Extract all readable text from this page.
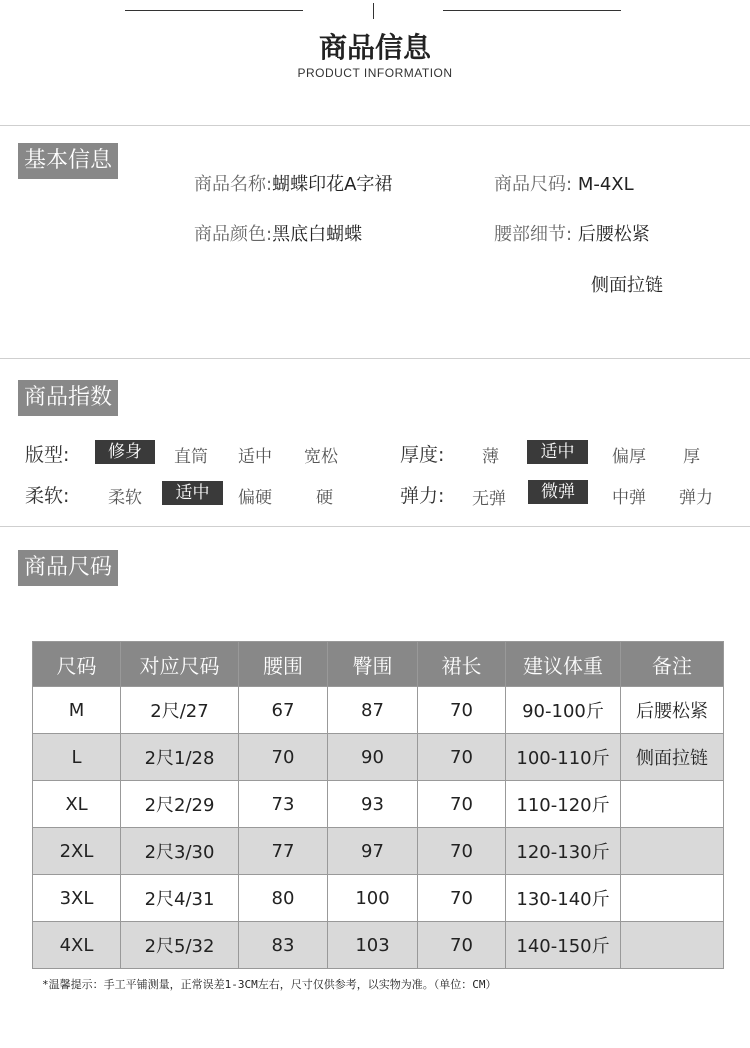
商品信息
PRODUCT INFORMATION
基本信息
商品名称:蝴蝶印花A字裙	商品尺码: M-4XL
商品颜色:黑底白蝴蝶	腰部细节: 后腰松紧
侧面拉链
商品指数
版型:	修身	直筒 适中 宽松	厚度: 薄	适中	偏厚 厚
柔软: 柔软	适中	偏硬	硬	弹力: 无弹	微弹	中弹 弹力
商品尺码
尺码	对应尺码	腰围	臀围	裙长	建议体重	备注
M	2尺/27	67	87	70	90-100斤	后腰松紧
L	2尺1/28	70	90	70	100-110斤	侧面拉链
XL	2尺2/29	73	93	70	110-120斤	
2XL	2尺3/30	77	97	70	120-130斤	
3XL	2尺4/31	80	100	70	130-140斤	
4XL	2尺5/32	83	103	70	140-150斤	
*温馨提示：手工平铺测量，正常误差1-3CM左右，尺寸仅供参考，以实物为准。（单位：CM）
